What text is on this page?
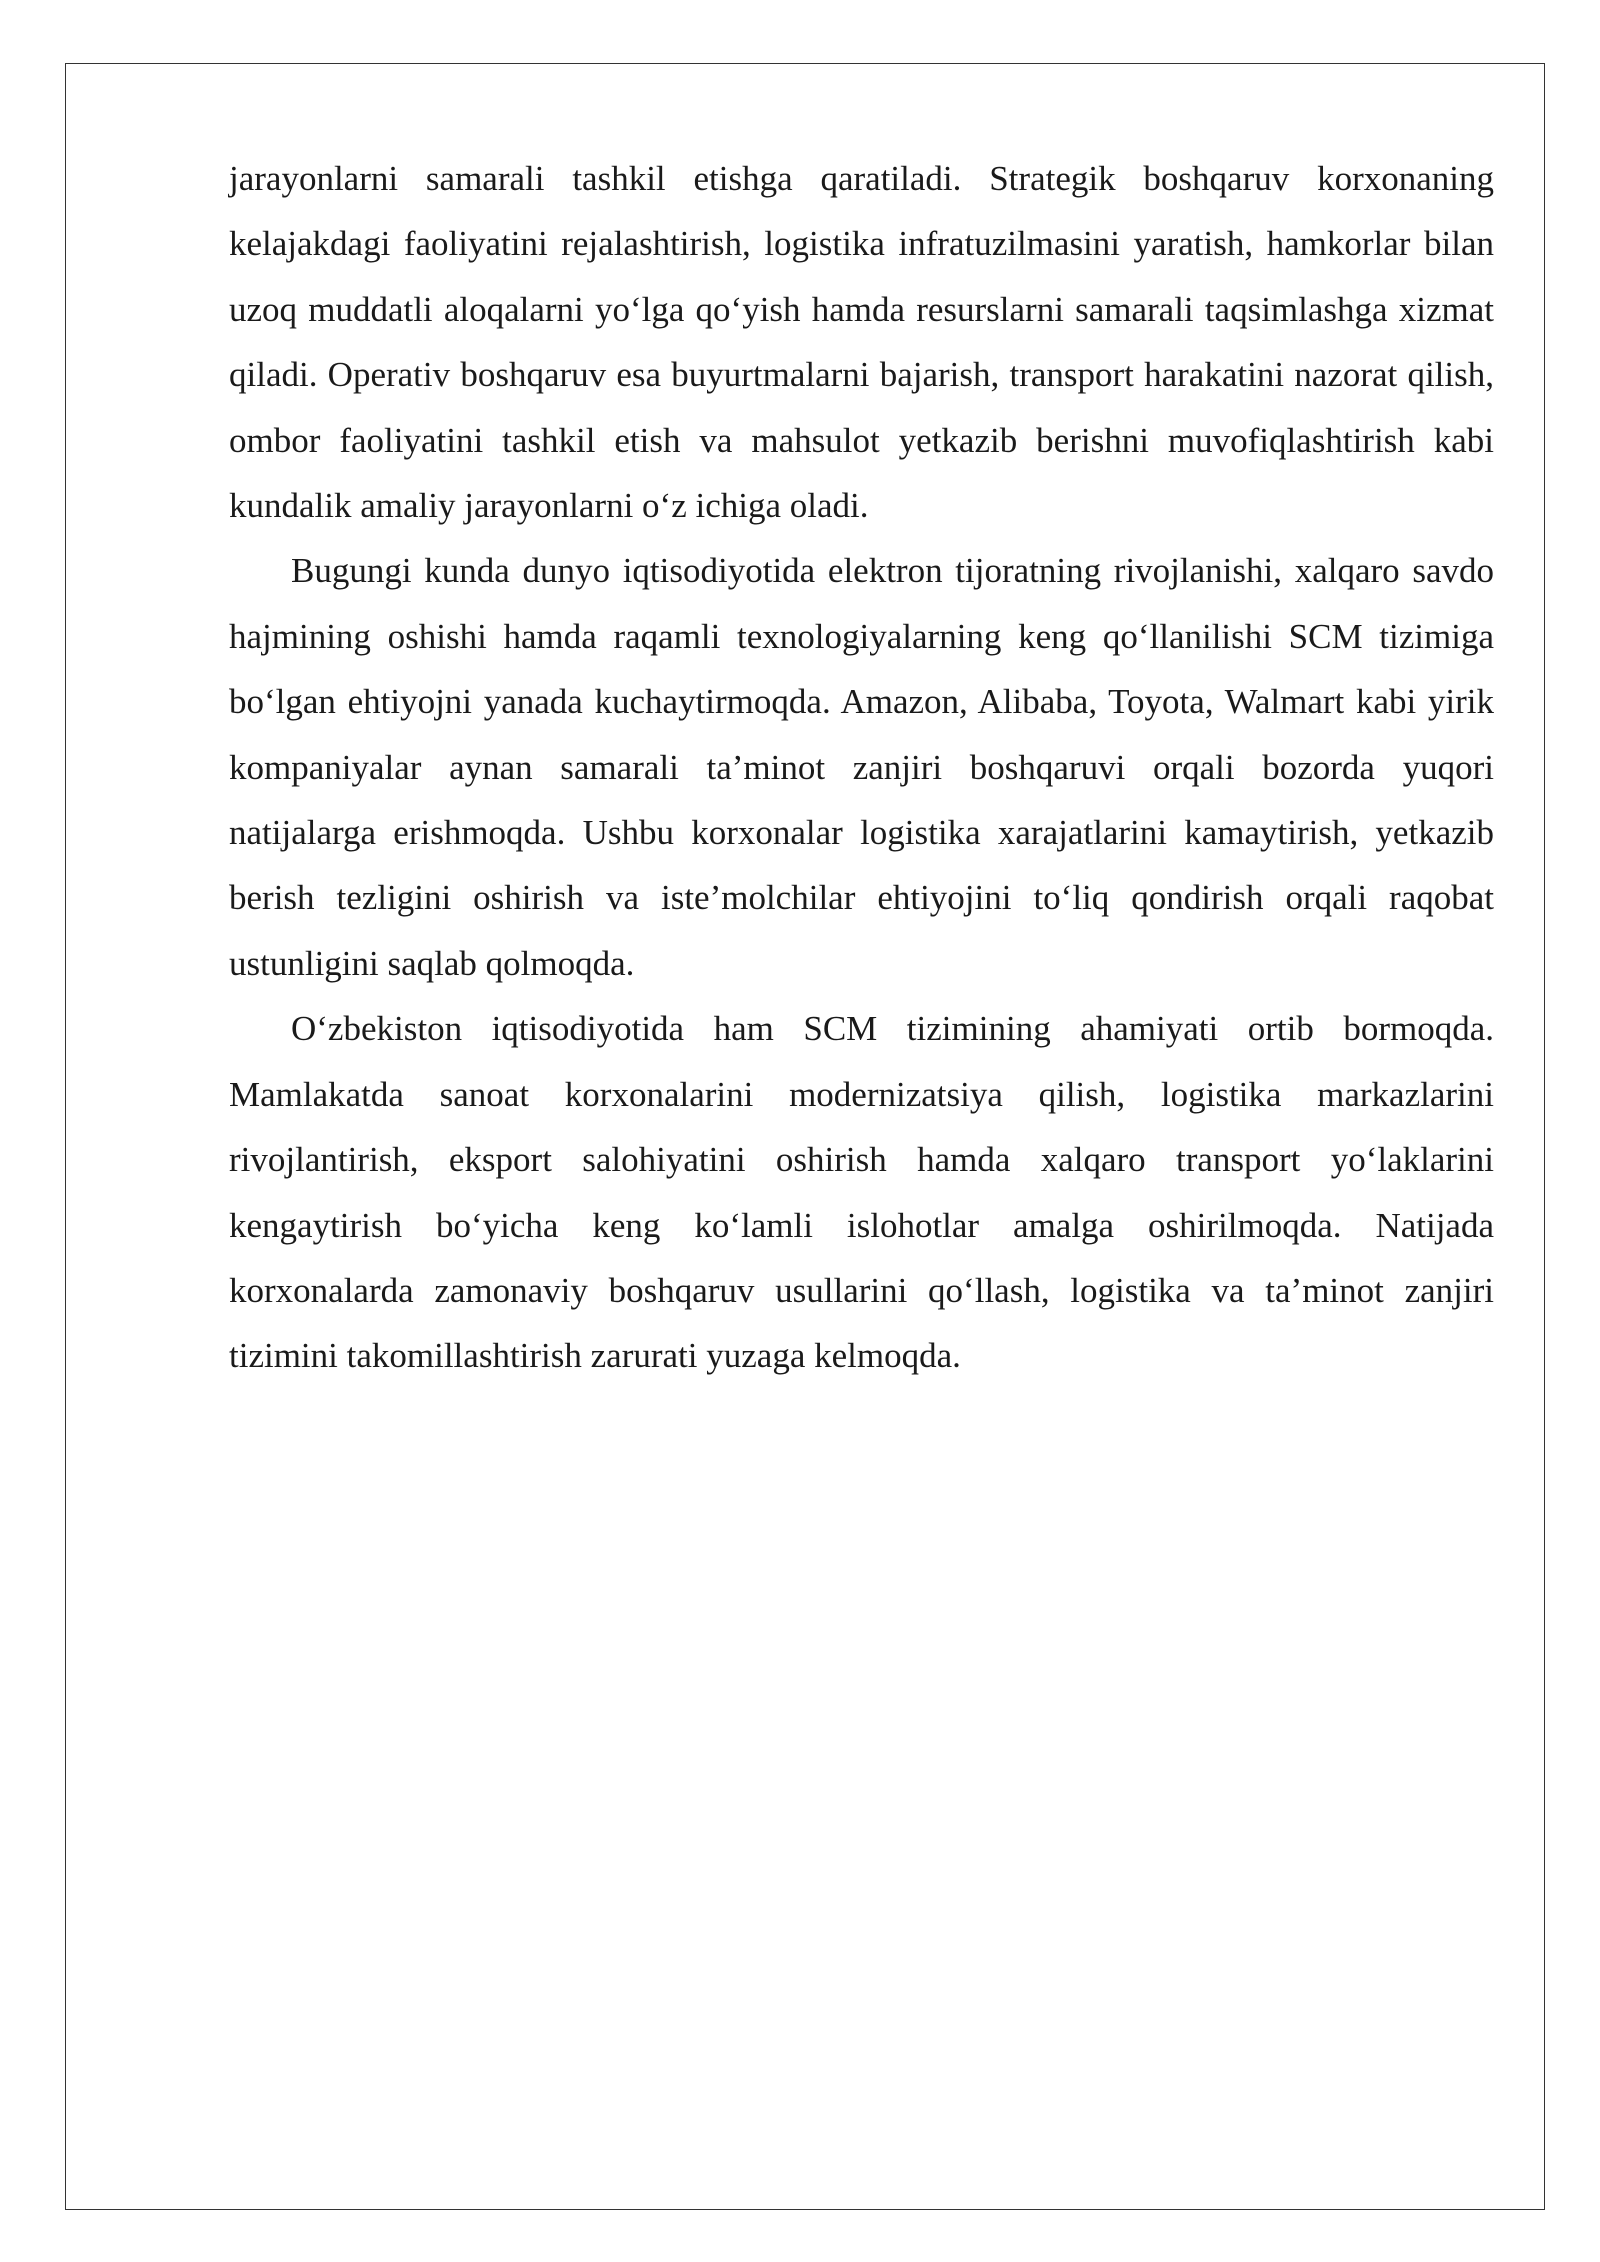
jarayonlarni samarali tashkil etishga qaratiladi. Strategik boshqaruv korxonaning kelajakdagi faoliyatini rejalashtirish, logistika infratuzilmasini yaratish, hamkorlar bilan uzoq muddatli aloqalarni yo‘lga qo‘yish hamda resurslarni samarali taqsimlashga xizmat qiladi. Operativ boshqaruv esa buyurtmalarni bajarish, transport harakatini nazorat qilish, ombor faoliyatini tashkil etish va mahsulot yetkazib berishni muvofiqlashtirish kabi kundalik amaliy jarayonlarni o‘z ichiga oladi.

Bugungi kunda dunyo iqtisodiyotida elektron tijoratning rivojlanishi, xalqaro savdo hajmining oshishi hamda raqamli texnologiyalarning keng qo‘llanilishi SCM tizimiga bo‘lgan ehtiyojni yanada kuchaytirmoqda. Amazon, Alibaba, Toyota, Walmart kabi yirik kompaniyalar aynan samarali ta’minot zanjiri boshqaruvi orqali bozorda yuqori natijalarga erishmoqda. Ushbu korxonalar logistika xarajatlarini kamaytirish, yetkazib berish tezligini oshirish va iste’molchilar ehtiyojini to‘liq qondirish orqali raqobat ustunligini saqlab qolmoqda.

O‘zbekiston iqtisodiyotida ham SCM tizimining ahamiyati ortib bormoqda. Mamlakatda sanoat korxonalarini modernizatsiya qilish, logistika markazlarini rivojlantirish, eksport salohiyatini oshirish hamda xalqaro transport yo‘laklarini kengaytirish bo‘yicha keng ko‘lamli islohotlar amalga oshirilmoqda. Natijada korxonalarda zamonaviy boshqaruv usullarini qo‘llash, logistika va ta’minot zanjiri tizimini takomillashtirish zarurati yuzaga kelmoqda.
